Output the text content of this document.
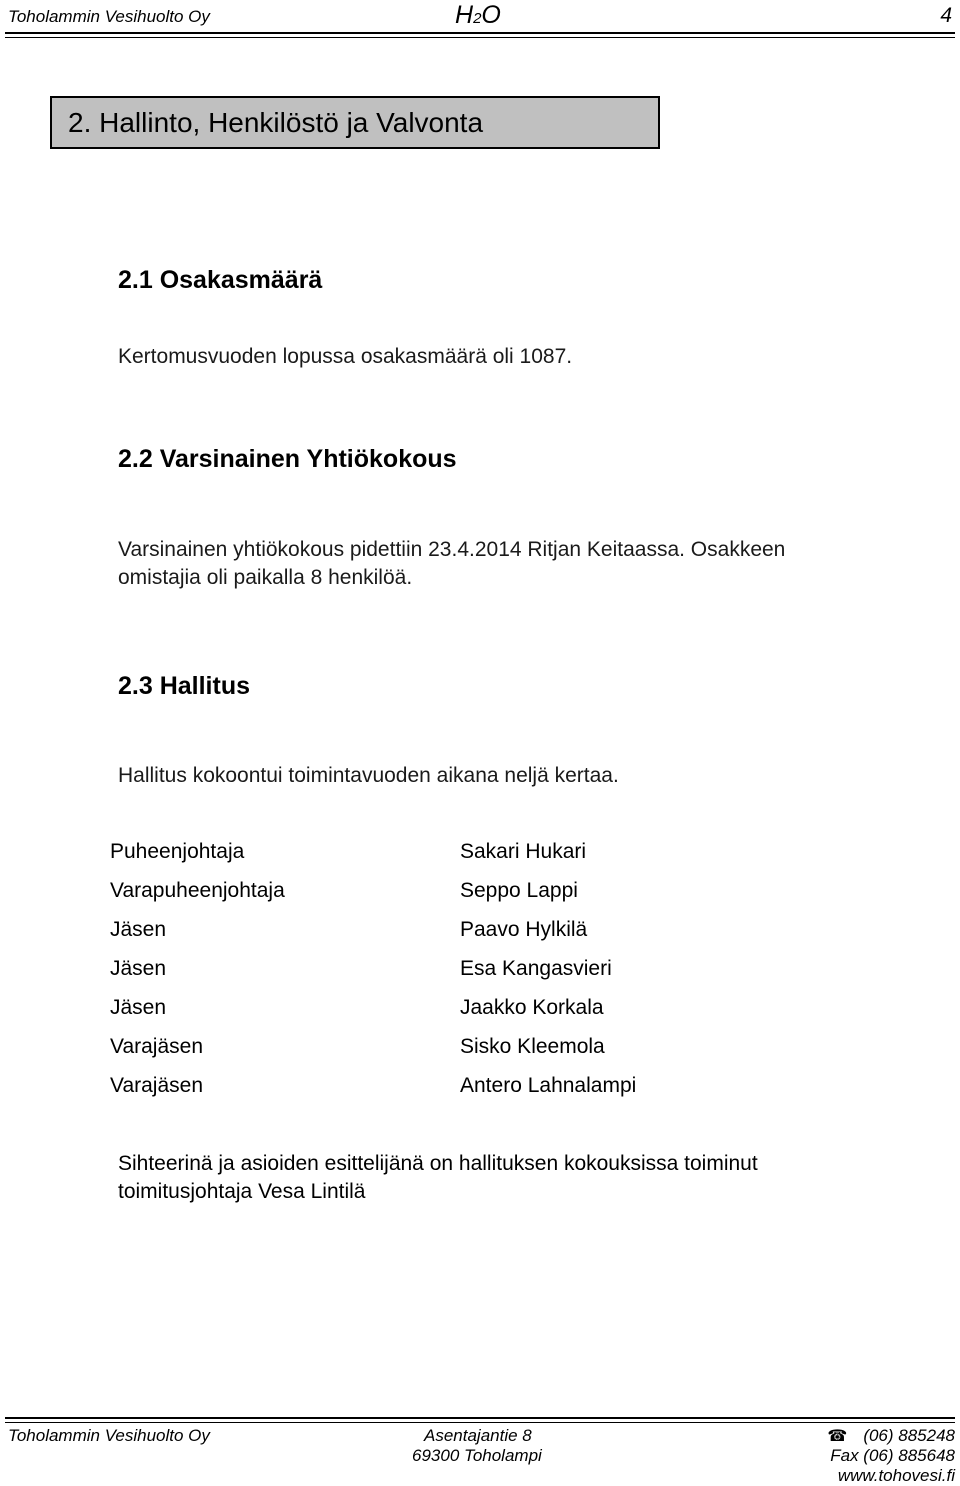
Toholammin Vesihuolto Oy	H2O	4
2. Hallinto, Henkilöstö ja Valvonta
2.1 Osakasmäärä
Kertomusvuoden lopussa osakasmäärä oli 1087.
2.2 Varsinainen Yhtiökokous
Varsinainen yhtiökokous pidettiin 23.4.2014 Ritjan Keitaassa. Osakkeen
omistajia oli paikalla 8 henkilöä.
2.3 Hallitus
Hallitus kokoontui toimintavuoden aikana neljä kertaa.
Puheenjohtaja	Sakari Hukari
Varapuheenjohtaja	Seppo Lappi
Jäsen	Paavo Hylkilä
Jäsen	Esa Kangasvieri
Jäsen	Jaakko Korkala
Varajäsen	Sisko Kleemola
Varajäsen	Antero Lahnalampi
Sihteerinä ja asioiden esittelijänä on hallituksen kokouksissa toiminut
toimitusjohtaja Vesa Lintilä
Toholammin Vesihuolto Oy	Asentajantie 8
69300 Toholampi
☎ (06) 885248
Fax (06) 885648
www.tohovesi.fi
